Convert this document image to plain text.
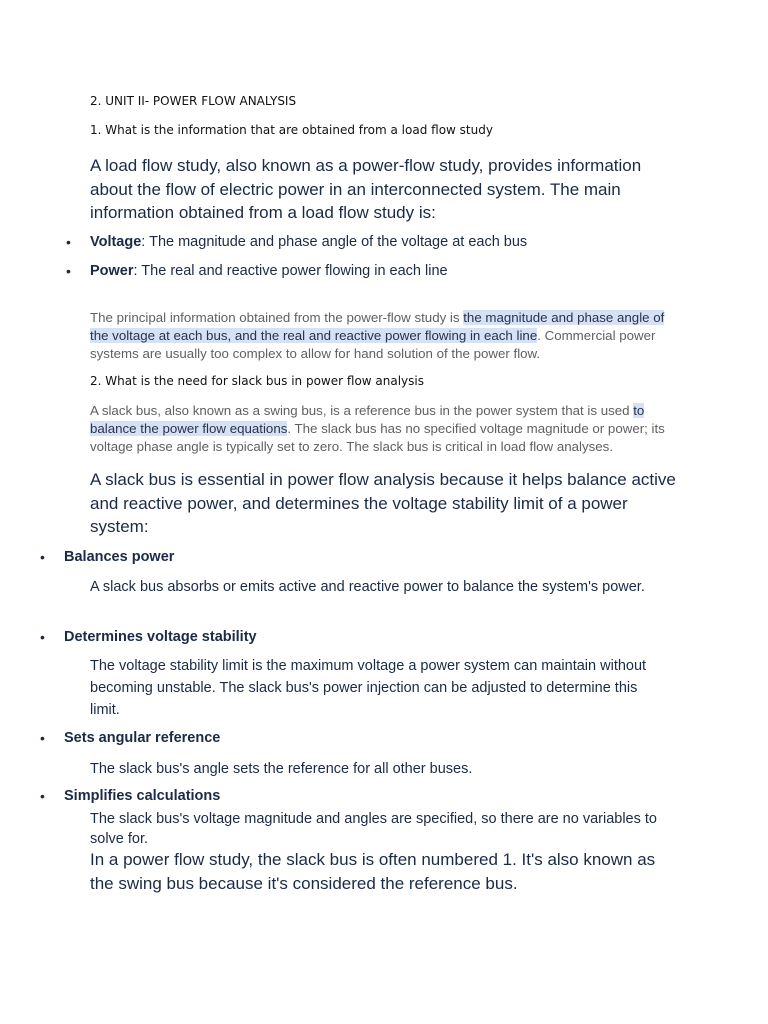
2. UNIT II- POWER FLOW ANALYSIS
1. What is the information that are obtained from a load flow study
A load flow study, also known as a power-flow study, provides information about the flow of electric power in an interconnected system. The main information obtained from a load flow study is:
• Voltage: The magnitude and phase angle of the voltage at each bus
• Power: The real and reactive power flowing in each line
The principal information obtained from the power-flow study is the magnitude and phase angle of the voltage at each bus, and the real and reactive power flowing in each line. Commercial power systems are usually too complex to allow for hand solution of the power flow.
2. What is the need for slack bus in power flow analysis
A slack bus, also known as a swing bus, is a reference bus in the power system that is used to balance the power flow equations. The slack bus has no specified voltage magnitude or power; its voltage phase angle is typically set to zero. The slack bus is critical in load flow analyses.
A slack bus is essential in power flow analysis because it helps balance active and reactive power, and determines the voltage stability limit of a power system:
• Balances power
A slack bus absorbs or emits active and reactive power to balance the system's power.
• Determines voltage stability
The voltage stability limit is the maximum voltage a power system can maintain without becoming unstable. The slack bus's power injection can be adjusted to determine this limit.
• Sets angular reference
The slack bus's angle sets the reference for all other buses.
• Simplifies calculations
The slack bus's voltage magnitude and angles are specified, so there are no variables to solve for.
In a power flow study, the slack bus is often numbered 1. It's also known as the swing bus because it's considered the reference bus.
